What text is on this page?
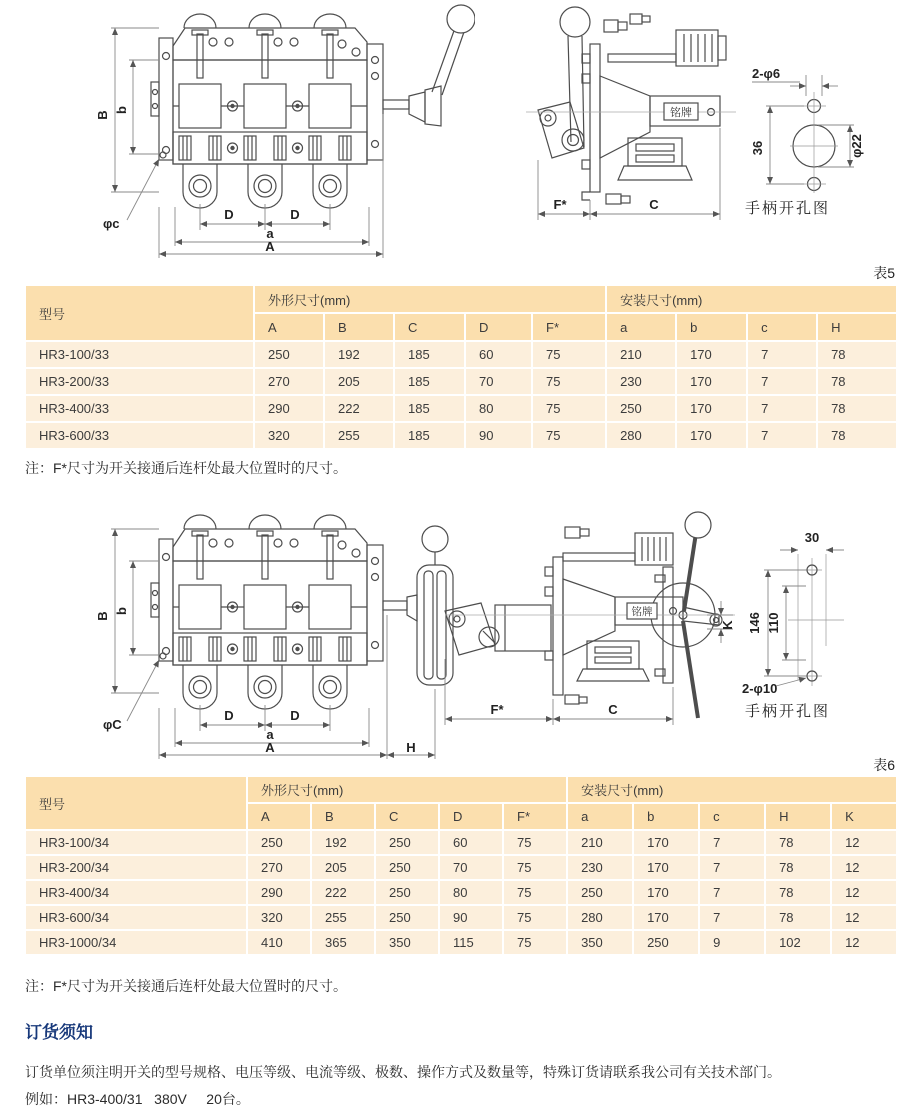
B
b
φc
D	D
a
A
铭牌
F*	C
2-φ6
36	φ22
手柄开孔图
表5
型号	外形尺寸(mm)					安装尺寸(mm)			
	A	B	C	D	F*	a	b	c	H
HR3-100/33	250	192	185	60	75	210	170	7	78
HR3-200/33	270	205	185	70	75	230	170	7	78
HR3-400/33	290	222	185	80	75	250	170	7	78
HR3-600/33	320	255	185	90	75	280	170	7	78
注：F*尺寸为开关接通后连杆处最大位置时的尺寸。
B
b
φC
D	D
a
A	H
铭牌
F*	C
K
30
146 110
2-φ10
手柄开孔图
表6
型号	外形尺寸(mm)					安装尺寸(mm)				
	A	B	C	D	F*	a	b	c	H	K
HR3-100/34	250	192	250	60	75	210	170	7	78	12
HR3-200/34	270	205	250	70	75	230	170	7	78	12
HR3-400/34	290	222	250	80	75	250	170	7	78	12
HR3-600/34	320	255	250	90	75	280	170	7	78	12
HR3-1000/34	410	365	350	115	75	350	250	9	102	12
注：F*尺寸为开关接通后连杆处最大位置时的尺寸。
订货须知
订货单位须注明开关的型号规格、电压等级、电流等级、极数、操作方式及数量等，特殊订货请联系我公司有关技术部门。
例如：HR3-400/31   380V     20台。
